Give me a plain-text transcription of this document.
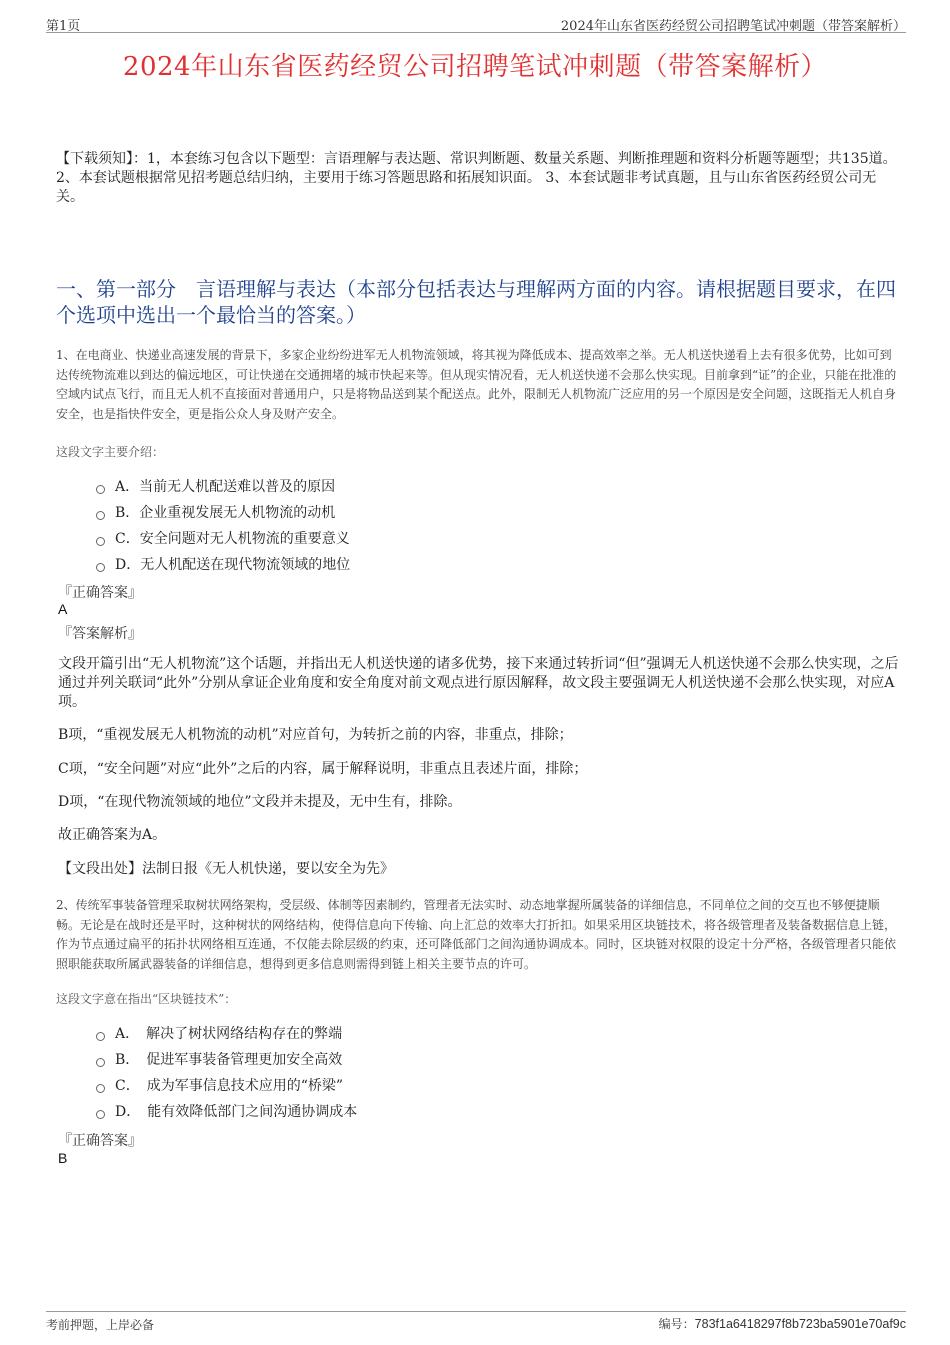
第1页	2024年山东省医药经贸公司招聘笔试冲刺题（带答案解析）
2024年山东省医药经贸公司招聘笔试冲刺题（带答案解析）
【下载须知】：1，本套练习包含以下题型：言语理解与表达题、常识判断题、数量关系题、判断推理题和资料分析题等题型；共135道。 2、本套试题根据常见招考题总结归纳，主要用于练习答题思路和拓展知识面。 3、本套试题非考试真题，且与山东省医药经贸公司无关。
一、第一部分　言语理解与表达（本部分包括表达与理解两方面的内容。请根据题目要求，在四个选项中选出一个最恰当的答案。）
1、在电商业、快递业高速发展的背景下，多家企业纷纷进军无人机物流领域，将其视为降低成本、提高效率之举。无人机送快递看上去有很多优势，比如可到达传统物流难以到达的偏远地区，可让快递在交通拥堵的城市快起来等。但从现实情况看，无人机送快递不会那么快实现。目前拿到“证”的企业，只能在批准的空域内试点飞行，而且无人机不直接面对普通用户，只是将物品送到某个配送点。此外，限制无人机物流广泛应用的另一个原因是安全问题，这既指无人机自身安全，也是指快件安全，更是指公众人身及财产安全。
这段文字主要介绍：
A．当前无人机配送难以普及的原因
B．企业重视发展无人机物流的动机
C．安全问题对无人机物流的重要意义
D．无人机配送在现代物流领域的地位
『正确答案』
A
『答案解析』
文段开篇引出“无人机物流”这个话题，并指出无人机送快递的诸多优势，接下来通过转折词“但”强调无人机送快递不会那么快实现，之后通过并列关联词“此外”分别从拿证企业角度和安全角度对前文观点进行原因解释，故文段主要强调无人机送快递不会那么快实现，对应A项。
B项，“重视发展无人机物流的动机”对应首句，为转折之前的内容，非重点，排除；
C项，“安全问题”对应“此外”之后的内容，属于解释说明，非重点且表述片面，排除；
D项，“在现代物流领域的地位”文段并未提及，无中生有，排除。
故正确答案为A。
【文段出处】法制日报《无人机快递，要以安全为先》
2、传统军事装备管理采取树状网络架构，受层级、体制等因素制约，管理者无法实时、动态地掌握所属装备的详细信息，不同单位之间的交互也不够便捷顺畅。无论是在战时还是平时，这种树状的网络结构，使得信息向下传输、向上汇总的效率大打折扣。如果采用区块链技术，将各级管理者及装备数据信息上链，作为节点通过扁平的拓扑状网络相互连通，不仅能去除层级的约束，还可降低部门之间沟通协调成本。同时，区块链对权限的设定十分严格，各级管理者只能依照职能获取所属武器装备的详细信息，想得到更多信息则需得到链上相关主要节点的许可。
这段文字意在指出“区块链技术”：
A．　解决了树状网络结构存在的弊端
B．　促进军事装备管理更加安全高效
C．　成为军事信息技术应用的“桥梁”
D．　能有效降低部门之间沟通协调成本
『正确答案』
B
考前押题，上岸必备	编号：783f1a6418297f8b723ba5901e70af9c
